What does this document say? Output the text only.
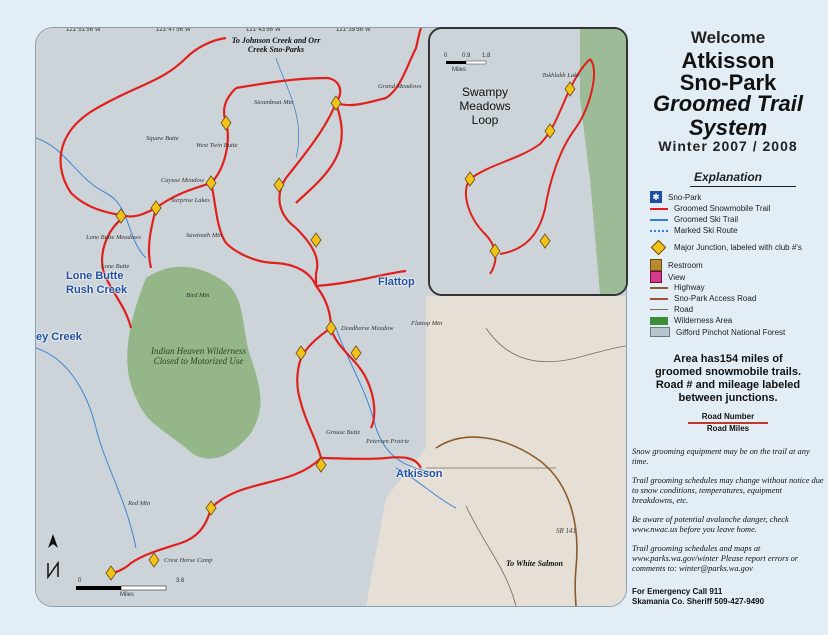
121°51'56"W	121°47'56"W	121°43'56"W	121°39'56"W
To Johnson Creek and Orr Creek Sno-Parks
Squaw Butte
Cayuse Meadow
Surprise Lakes
West Twin Butte
Sawtooth Mtn
Lone Butte Meadows
Lone Butte
Steamboat Mtn
Grand Meadows
Deadhorse Meadow
Flattop Mtn
Petersen Prairie
Grouse Butte
Red Mtn
Crest Horse Camp
Bird Mtn
Indian Heaven Wilderness Closed to Motorized Use
Lone Butte
Rush Creek
ey Creek
Flattop
Atkisson
To White Salmon
SR 141
0	3.6
Miles
0 0.9 1.8
Miles
Swampy Meadows Loop
Takhlakh Lake
Welcome
Atkisson
Sno-Park
Groomed Trail
System
Winter 2007 / 2008
Explanation
✱ Sno-Park
Groomed Snowmobile Trail
Groomed Ski Trail
Marked Ski Route
Major Junction, labeled with club #'s
Restroom
View
Highway
Sno-Park Access Road
Road
Wilderness Area
Gifford Pinchot National Forest
Area has154 miles of
groomed snowmobile trails.
Road # and mileage labeled
between junctions.
Road Number
Road Miles
Snow grooming equipment may be on the trail at any time.
Trail grooming schedules may change without notice due to snow conditions, temperatures, equipment breakdowns, etc.
Be aware of potential avalanche danger, check www.nwac.us before you leave home.
Trail grooming schedules and maps at www.parks.wa.gov/winter Please report errors or comments to: winter@parks.wa.gov
For Emergency Call 911
Skamania Co. Sheriff 509-427-9490
